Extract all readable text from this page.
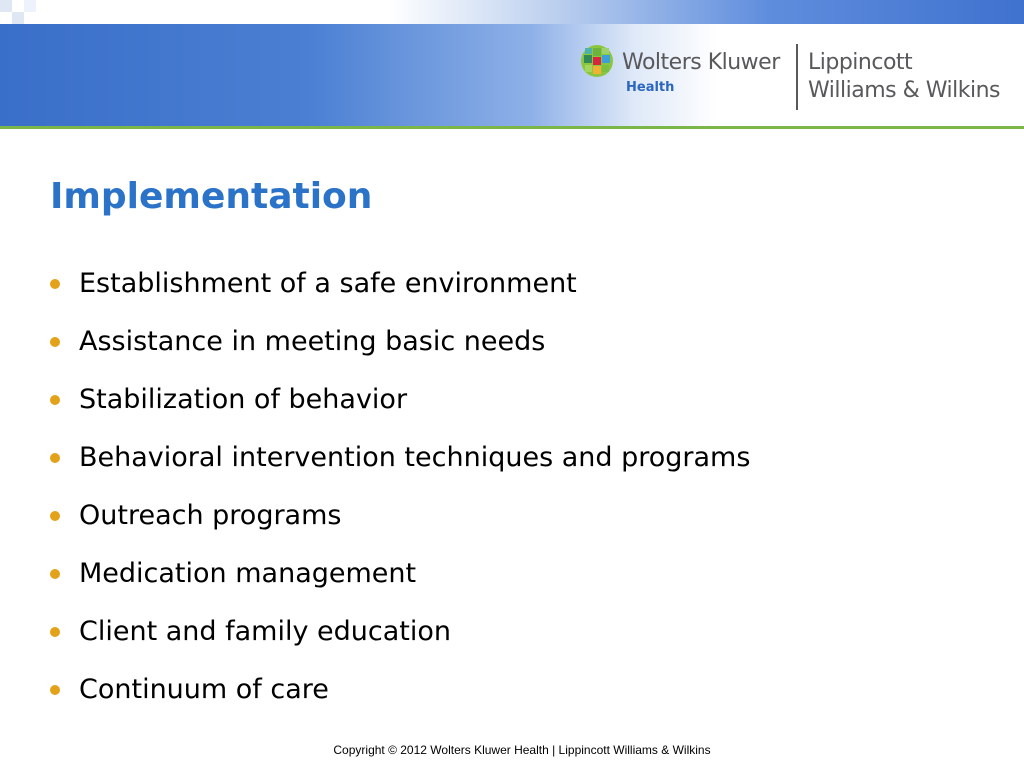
Wolters Kluwer
Health
Lippincott
Williams & Wilkins
Implementation
Establishment of a safe environment
Assistance in meeting basic needs
Stabilization of behavior
Behavioral intervention techniques and programs
Outreach programs
Medication management
Client and family education
Continuum of care
Copyright © 2012 Wolters Kluwer Health | Lippincott Williams & Wilkins
